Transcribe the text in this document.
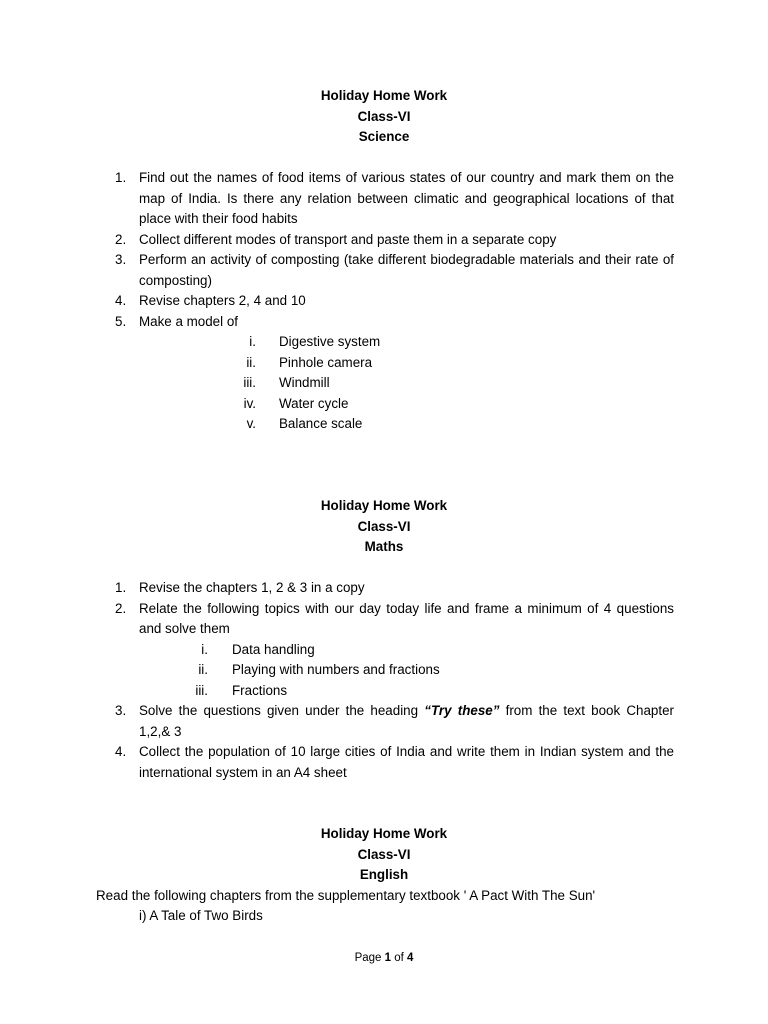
Holiday Home Work
Class-VI
Science
1. Find out the names of food items of various states of our country and mark them on the map of India. Is there any relation between climatic and geographical locations of that place with their food habits
2. Collect different modes of transport and paste them in a separate copy
3. Perform an activity of composting (take different biodegradable materials and their rate of composting)
4. Revise chapters 2, 4 and 10
5. Make a model of
i. Digestive system
ii. Pinhole camera
iii. Windmill
iv. Water cycle
v. Balance scale
Holiday Home Work
Class-VI
Maths
1. Revise the chapters 1, 2 & 3 in a copy
2. Relate the following topics with our day today life and frame a minimum of 4 questions and solve them
i. Data handling
ii. Playing with numbers and fractions
iii. Fractions
3. Solve the questions given under the heading “Try these” from the text book Chapter 1,2,& 3
4. Collect the population of 10 large cities of India and write them in Indian system and the international system in an A4 sheet
Holiday Home Work
Class-VI
English
Read the following chapters from the supplementary textbook ' A Pact With The Sun'
i) A Tale of Two Birds
Page 1 of 4
